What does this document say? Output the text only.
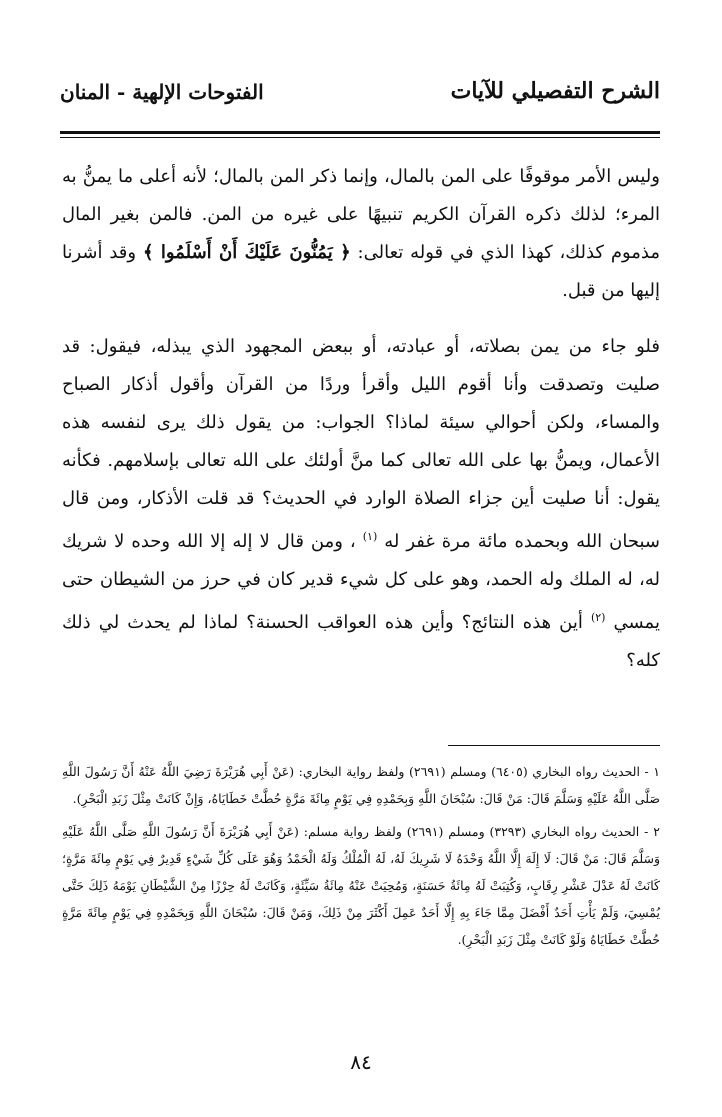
الشرح التفصيلي للآيات
الفتوحات الإلهية - المنان

وليس الأمر موقوفًا على المن بالمال، وإنما ذكر المن بالمال؛ لأنه أعلى ما يمنُّ به المرء؛ لذلك ذكره القرآن الكريم تنبيهًا على غيره من المن. فالمن بغير المال مذموم كذلك، كهذا الذي في قوله تعالى: ﴿ يَمُنُّونَ عَلَيْكَ أَنْ أَسْلَمُوا ﴾ وقد أشرنا إليها من قبل.

فلو جاء من يمن بصلاته، أو عبادته، أو ببعض المجهود الذي يبذله، فيقول: قد صليت وتصدقت وأنا أقوم الليل وأقرأ وردًا من القرآن وأقول أذكار الصباح والمساء، ولكن أحوالي سيئة لماذا؟ الجواب: من يقول ذلك يرى لنفسه هذه الأعمال، ويمنُّ بها على الله تعالى كما منَّ أولئك على الله تعالى بإسلامهم. فكأنه يقول: أنا صليت أين جزاء الصلاة الوارد في الحديث؟ قد قلت الأذكار، ومن قال سبحان الله وبحمده مائة مرة غفر له $^{(١)}$ ، ومن قال لا إله إلا الله وحده لا شريك له، له الملك وله الحمد، وهو على كل شيء قدير كان في حرز من الشيطان حتى يمسي $^{(٢)}$ أين هذه النتائج؟ وأين هذه العواقب الحسنة؟ لماذا لم يحدث لي ذلك كله؟

١ - الحديث رواه البخاري (٦٤٠٥) ومسلم (٢٦٩١) ولفظ رواية البخاري: (عَنْ أَبِي هُرَيْرَةَ رَضِيَ اللَّهُ عَنْهُ أَنَّ رَسُولَ اللَّهِ صَلَّى اللَّهُ عَلَيْهِ وَسَلَّمَ قَالَ: مَنْ قَالَ: سُبْحَانَ اللَّهِ وَبِحَمْدِهِ فِي يَوْمٍ مِائَةَ مَرَّةٍ حُطَّتْ خَطَايَاهُ، وَإِنْ كَانَتْ مِثْلَ زَبَدِ الْبَحْرِ).

٢ - الحديث رواه البخاري (٣٢٩٣) ومسلم (٢٦٩١) ولفظ رواية مسلم: (عَنْ أَبِي هُرَيْرَةَ أَنَّ رَسُولَ اللَّهِ صَلَّى اللَّهُ عَلَيْهِ وَسَلَّمَ قَالَ: مَنْ قَالَ: لَا إِلَهَ إِلَّا اللَّهُ وَحْدَهُ لَا شَرِيكَ لَهُ، لَهُ الْمُلْكُ وَلَهُ الْحَمْدُ وَهُوَ عَلَى كُلِّ شَيْءٍ قَدِيرٌ فِي يَوْمٍ مِائَةَ مَرَّةٍ؛ كَانَتْ لَهُ عَدْلَ عَشْرِ رِقَابٍ، وَكُتِبَتْ لَهُ مِائَةُ حَسَنَةٍ، وَمُحِيَتْ عَنْهُ مِائَةُ سَيِّئَةٍ، وَكَانَتْ لَهُ حِرْزًا مِنْ الشَّيْطَانِ يَوْمَهُ ذَلِكَ حَتَّى يُمْسِيَ، وَلَمْ يَأْتِ أَحَدٌ أَفْضَلَ مِمَّا جَاءَ بِهِ إِلَّا أَحَدٌ عَمِلَ أَكْثَرَ مِنْ ذَلِكَ، وَمَنْ قَالَ: سُبْحَانَ اللَّهِ وَبِحَمْدِهِ فِي يَوْمٍ مِائَةَ مَرَّةٍ حُطَّتْ خَطَايَاهُ وَلَوْ كَانَتْ مِثْلَ زَبَدِ الْبَحْرِ).

٨٤
